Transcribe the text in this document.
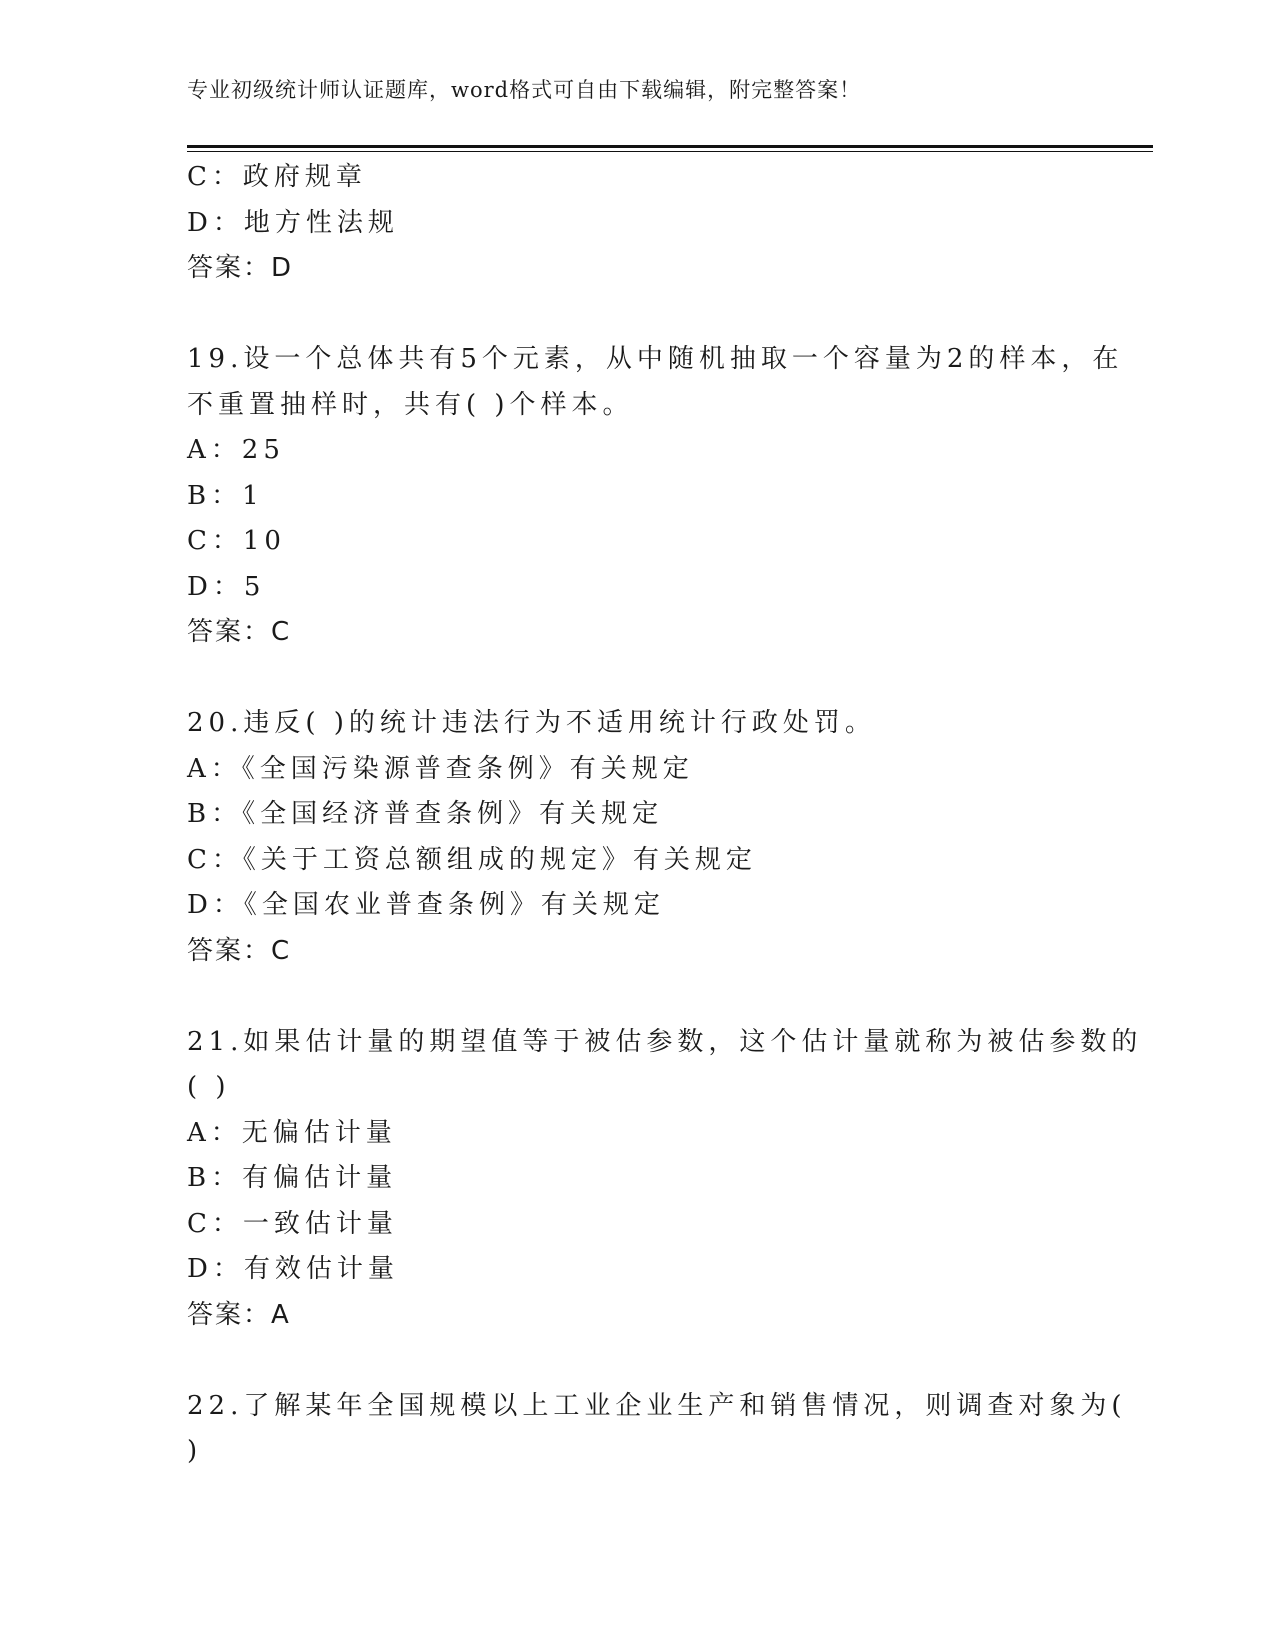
专业初级统计师认证题库，word格式可自由下载编辑，附完整答案！
C：政府规章
D：地方性法规
答案：D
19.设一个总体共有5个元素，从中随机抽取一个容量为2的样本，在
不重置抽样时，共有( )个样本。
A：25
B：1
C：10
D：5
答案：C
20.违反( )的统计违法行为不适用统计行政处罚。
A：《全国污染源普查条例》有关规定
B：《全国经济普查条例》有关规定
C：《关于工资总额组成的规定》有关规定
D：《全国农业普查条例》有关规定
答案：C
21.如果估计量的期望值等于被估参数，这个估计量就称为被估参数的
( )
A：无偏估计量
B：有偏估计量
C：一致估计量
D：有效估计量
答案：A
22.了解某年全国规模以上工业企业生产和销售情况，则调查对象为(
)
